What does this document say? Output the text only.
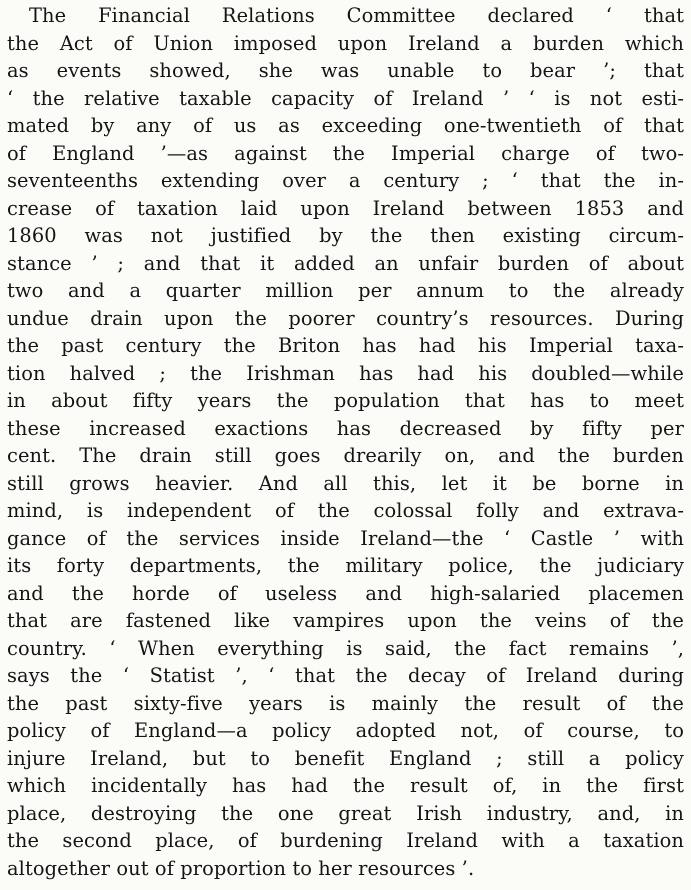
The Financial Relations Committee declared ‘ that
the Act of Union imposed upon Ireland a burden which
as events showed, she was unable to bear ’; that
‘ the relative taxable capacity of Ireland ’ ‘ is not esti-
mated by any of us as exceeding one-twentieth of that
of England ’—as against the Imperial charge of two-
seventeenths extending over a century ; ‘ that the in-
crease of taxation laid upon Ireland between 1853 and
1860 was not justified by the then existing circum-
stance ’ ; and that it added an unfair burden of about
two and a quarter million per annum to the already
undue drain upon the poorer country’s resources. During
the past century the Briton has had his Imperial taxa-
tion halved ; the Irishman has had his doubled—while
in about fifty years the population that has to meet
these increased exactions has decreased by fifty per
cent. The drain still goes drearily on, and the burden
still grows heavier. And all this, let it be borne in
mind, is independent of the colossal folly and extrava-
gance of the services inside Ireland—the ‘ Castle ’ with
its forty departments, the military police, the judiciary
and the horde of useless and high-salaried placemen
that are fastened like vampires upon the veins of the
country. ‘ When everything is said, the fact remains ’,
says the ‘ Statist ’, ‘ that the decay of Ireland during
the past sixty-five years is mainly the result of the
policy of England—a policy adopted not, of course, to
injure Ireland, but to benefit England ; still a policy
which incidentally has had the result of, in the first
place, destroying the one great Irish industry, and, in
the second place, of burdening Ireland with a taxation
altogether out of proportion to her resources ’.
